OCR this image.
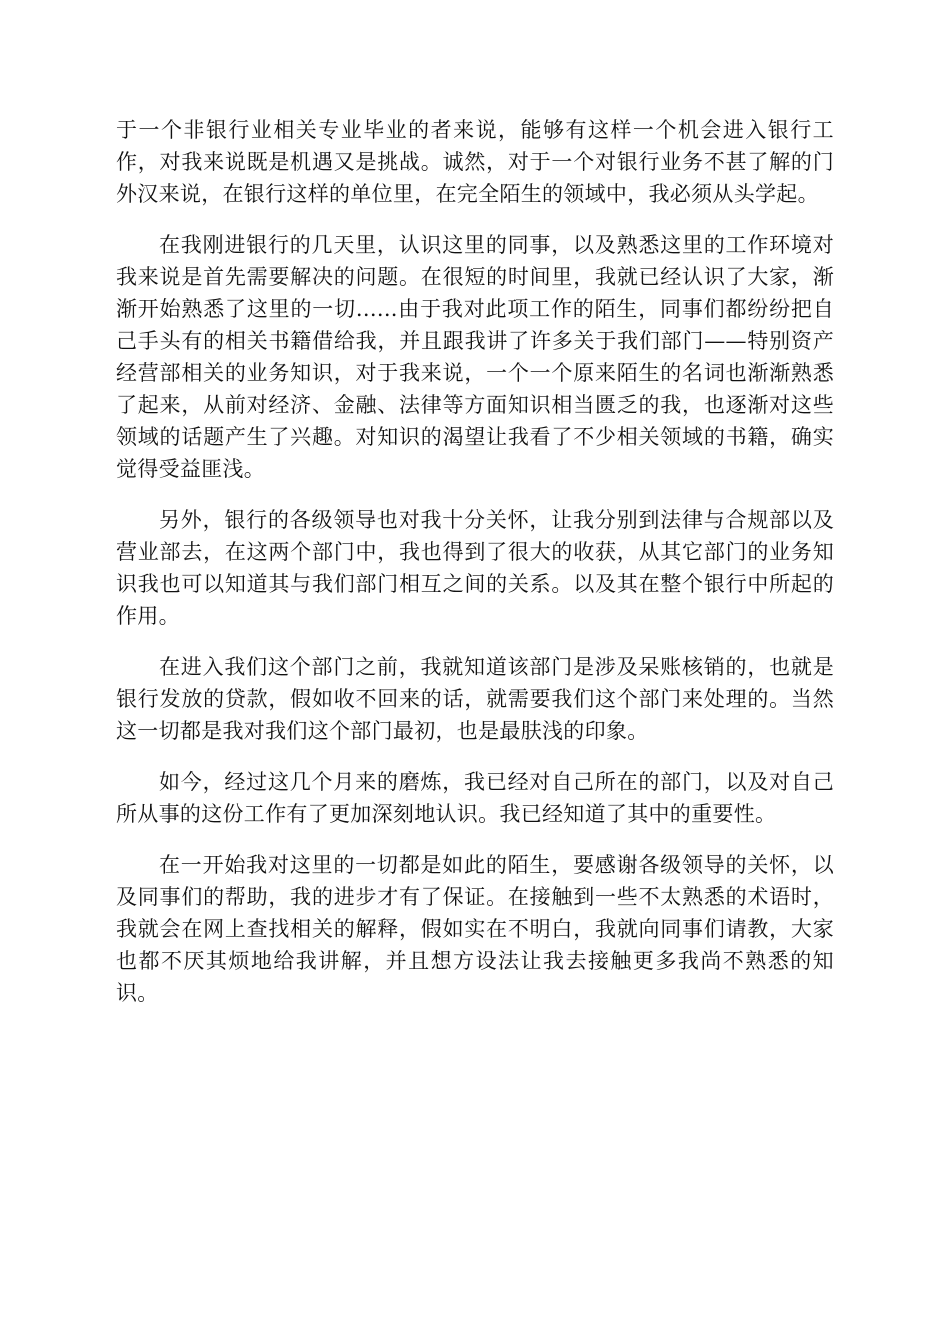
于一个非银行业相关专业毕业的者来说，能够有这样一个机会进入银行工作，对我来说既是机遇又是挑战。诚然，对于一个对银行业务不甚了解的门外汉来说，在银行这样的单位里，在完全陌生的领域中，我必须从头学起。

在我刚进银行的几天里，认识这里的同事，以及熟悉这里的工作环境对我来说是首先需要解决的问题。在很短的时间里，我就已经认识了大家，渐渐开始熟悉了这里的一切......由于我对此项工作的陌生，同事们都纷纷把自己手头有的相关书籍借给我，并且跟我讲了许多关于我们部门——特别资产经营部相关的业务知识，对于我来说，一个一个原来陌生的名词也渐渐熟悉了起来，从前对经济、金融、法律等方面知识相当匮乏的我，也逐渐对这些领域的话题产生了兴趣。对知识的渴望让我看了不少相关领域的书籍，确实觉得受益匪浅。

另外，银行的各级领导也对我十分关怀，让我分别到法律与合规部以及营业部去，在这两个部门中，我也得到了很大的收获，从其它部门的业务知识我也可以知道其与我们部门相互之间的关系。以及其在整个银行中所起的作用。

在进入我们这个部门之前，我就知道该部门是涉及呆账核销的，也就是银行发放的贷款，假如收不回来的话，就需要我们这个部门来处理的。当然这一切都是我对我们这个部门最初，也是最肤浅的印象。

如今，经过这几个月来的磨炼，我已经对自己所在的部门，以及对自己所从事的这份工作有了更加深刻地认识。我已经知道了其中的重要性。

在一开始我对这里的一切都是如此的陌生，要感谢各级领导的关怀，以及同事们的帮助，我的进步才有了保证。在接触到一些不太熟悉的术语时，我就会在网上查找相关的解释，假如实在不明白，我就向同事们请教，大家也都不厌其烦地给我讲解，并且想方设法让我去接触更多我尚不熟悉的知识。
